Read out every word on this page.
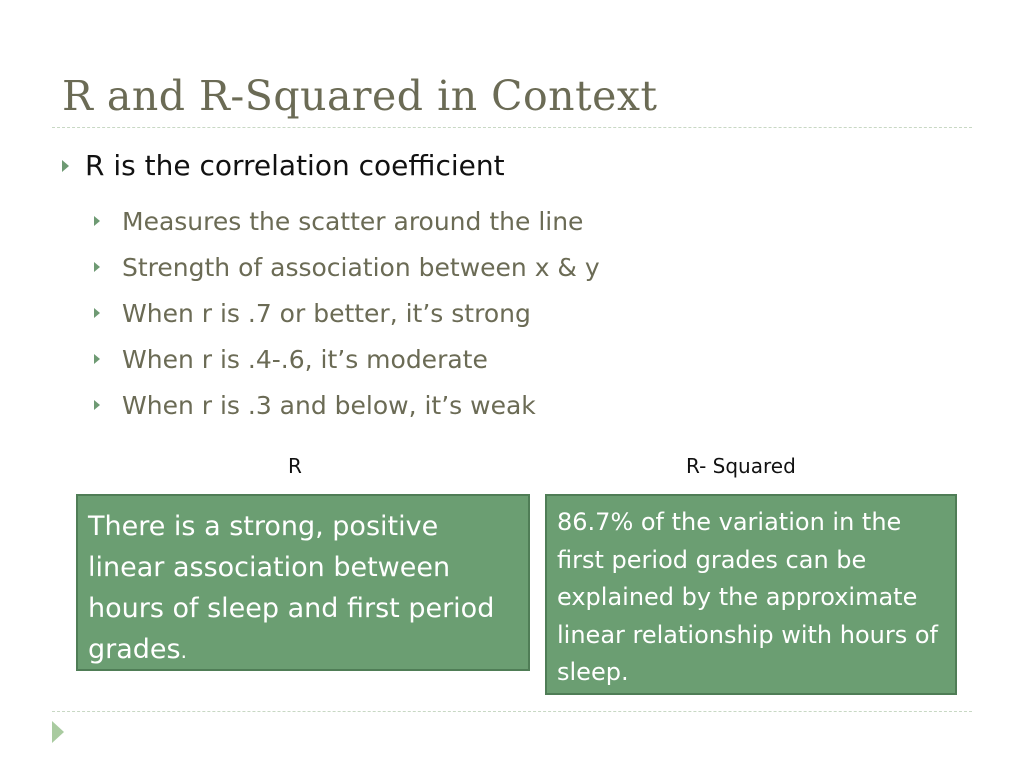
R and R-Squared in Context
R is the correlation coefficient
Measures the scatter around the line
Strength of association between x & y
When r is .7 or better, it’s strong
When r is .4-.6, it’s moderate
When r is .3 and below, it’s weak
R	R- Squared
There is a strong, positive linear association between hours of sleep and first period grades.
86.7% of the variation in the first period grades can be explained by the approximate linear relationship with hours of sleep.
